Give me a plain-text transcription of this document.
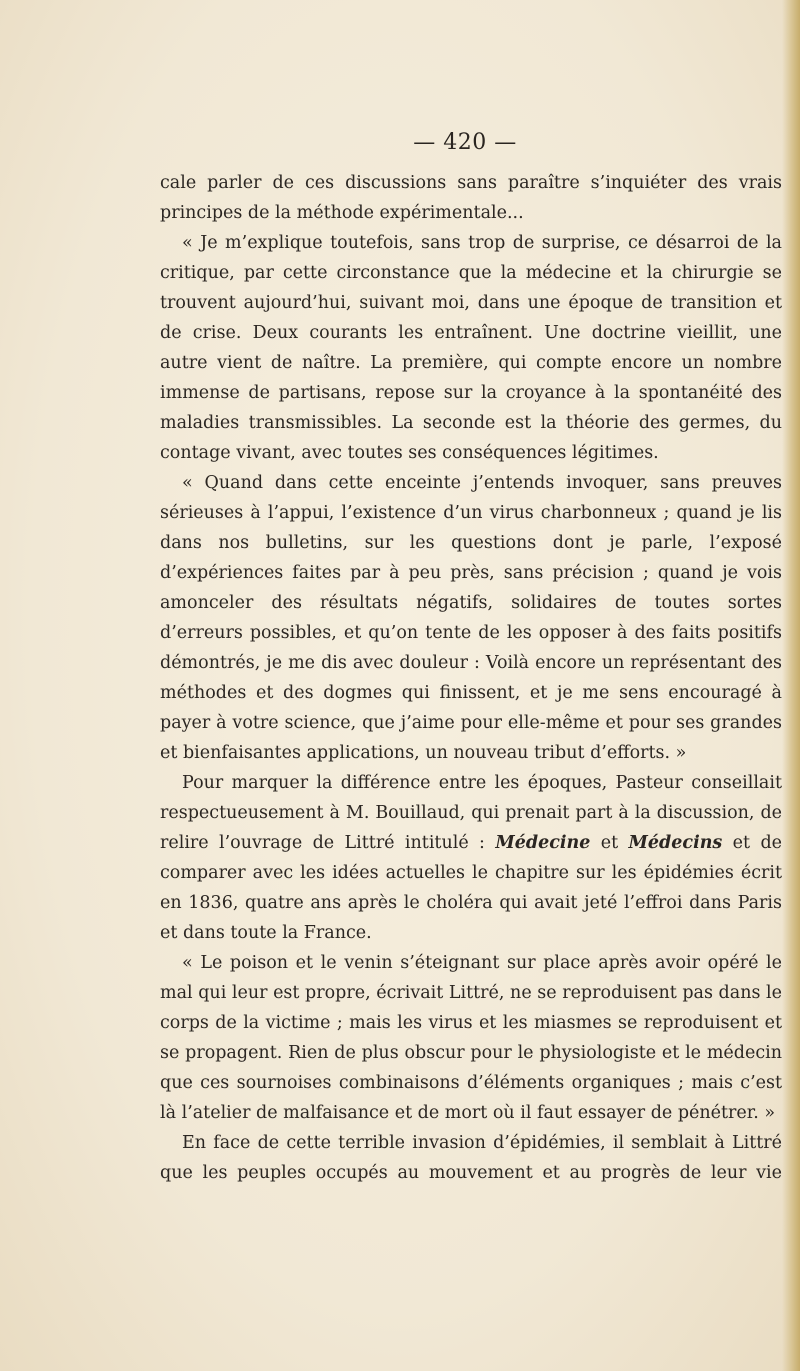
— 420 —

cale parler de ces discussions sans paraître s’inquiéter des vrais principes de la méthode expérimentale...

« Je m’explique toutefois, sans trop de surprise, ce désarroi de la critique, par cette circonstance que la médecine et la chirurgie se trouvent aujourd’hui, suivant moi, dans une époque de transition et de crise. Deux courants les entraînent. Une doctrine vieillit, une autre vient de naître. La première, qui compte encore un nombre immense de partisans, repose sur la croyance à la spontanéité des maladies transmissibles. La seconde est la théorie des germes, du contage vivant, avec toutes ses conséquences légitimes.

« Quand dans cette enceinte j’entends invoquer, sans preuves sérieuses à l’appui, l’existence d’un virus charbonneux ; quand je lis dans nos bulletins, sur les questions dont je parle, l’exposé d’expériences faites par à peu près, sans précision ; quand je vois amonceler des résultats négatifs, solidaires de toutes sortes d’erreurs possibles, et qu’on tente de les opposer à des faits positifs démontrés, je me dis avec douleur : Voilà encore un représentant des méthodes et des dogmes qui finissent, et je me sens encouragé à payer à votre science, que j’aime pour elle-même et pour ses grandes et bienfaisantes applications, un nouveau tribut d’efforts. »

Pour marquer la différence entre les époques, Pasteur conseillait respectueusement à M. Bouillaud, qui prenait part à la discussion, de relire l’ouvrage de Littré intitulé : Médecine et Médecins et de comparer avec les idées actuelles le chapitre sur les épidémies écrit en 1836, quatre ans après le choléra qui avait jeté l’effroi dans Paris et dans toute la France.

« Le poison et le venin s’éteignant sur place après avoir opéré le mal qui leur est propre, écrivait Littré, ne se reproduisent pas dans le corps de la victime ; mais les virus et les miasmes se reproduisent et se propagent. Rien de plus obscur pour le physiologiste et le médecin que ces sournoises combinaisons d’éléments organiques ; mais c’est là l’atelier de malfaisance et de mort où il faut essayer de pénétrer. »

En face de cette terrible invasion d’épidémies, il semblait à Littré que les peuples occupés au mouvement et au progrès de leur vie
